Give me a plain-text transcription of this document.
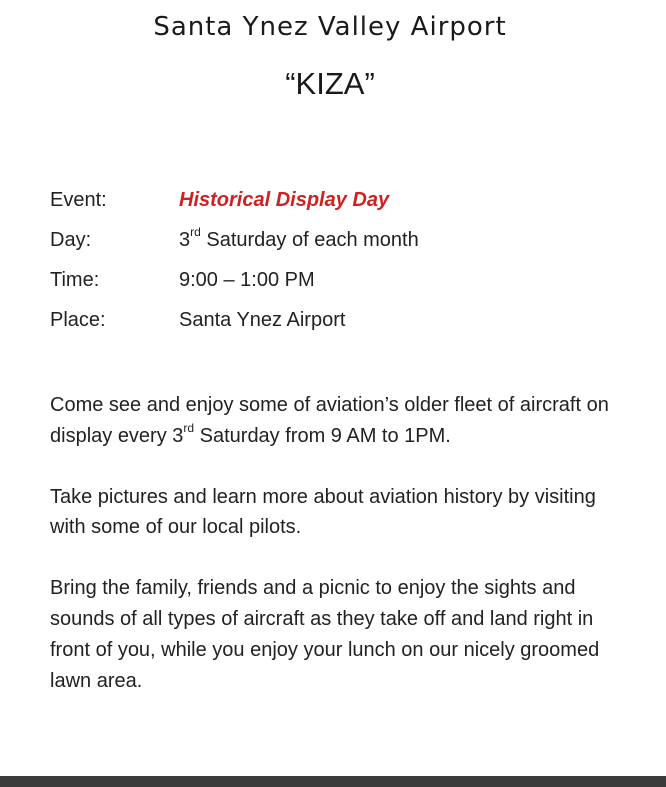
Santa Ynez Valley Airport
“KIZA”
Event:	Historical Display Day
Day:	3rd Saturday of each month
Time:	9:00 – 1:00 PM
Place:	Santa Ynez Airport

Come see and enjoy some of aviation’s older fleet of aircraft on display every 3rd Saturday from 9 AM to 1PM.

Take pictures and learn more about aviation history by visiting with some of our local pilots.

Bring the family, friends and a picnic to enjoy the sights and sounds of all types of aircraft as they take off and land right in front of you, while you enjoy your lunch on our nicely groomed lawn area.
